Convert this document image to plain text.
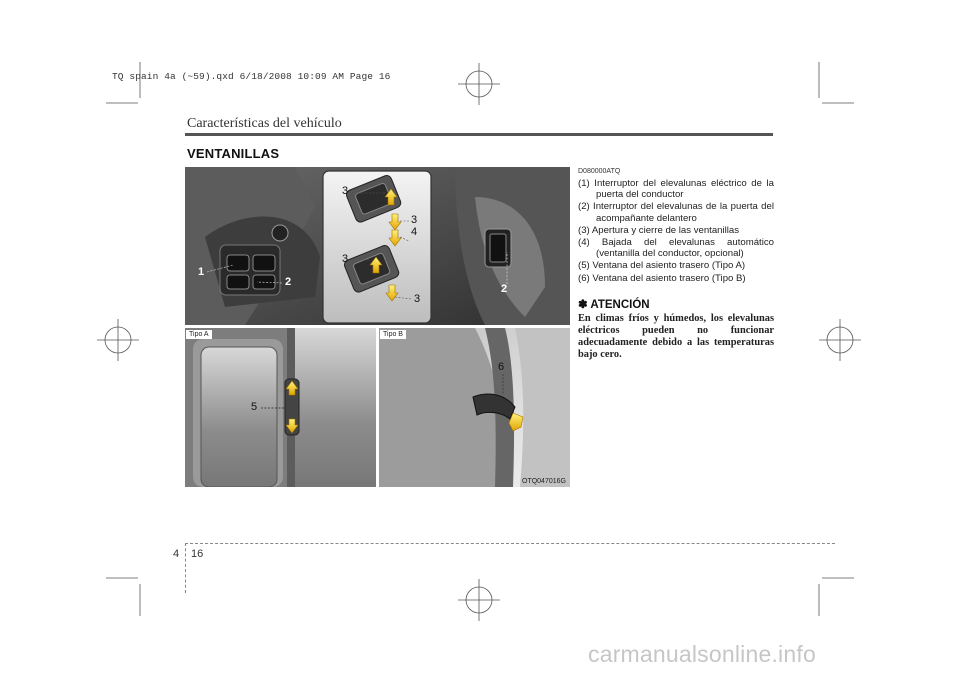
TQ spain 4a (~59).qxd 6/18/2008 10:09 AM Page 16
Características del vehículo
VENTANILLAS
1
2
3
3
4
3
3
2
5
6
Tipo A	Tipo B
OTQ047016G
D080000ATQ
(1) Interruptor del elevalunas eléctrico de la puerta del conductor
(2) Interruptor del elevalunas de la puerta del acompañante delantero
(3) Apertura y cierre de las ventanillas
(4) Bajada del elevalunas automático (ventanilla del conductor, opcional)
(5) Ventana del asiento trasero (Tipo A)
(6) Ventana del asiento trasero (Tipo B)
✽ ATENCIÓN
En climas fríos y húmedos, los elevalunas eléctricos pueden no funcionar adecuadamente debido a las temperaturas bajo cero.
4 16
carmanualsonline.info
